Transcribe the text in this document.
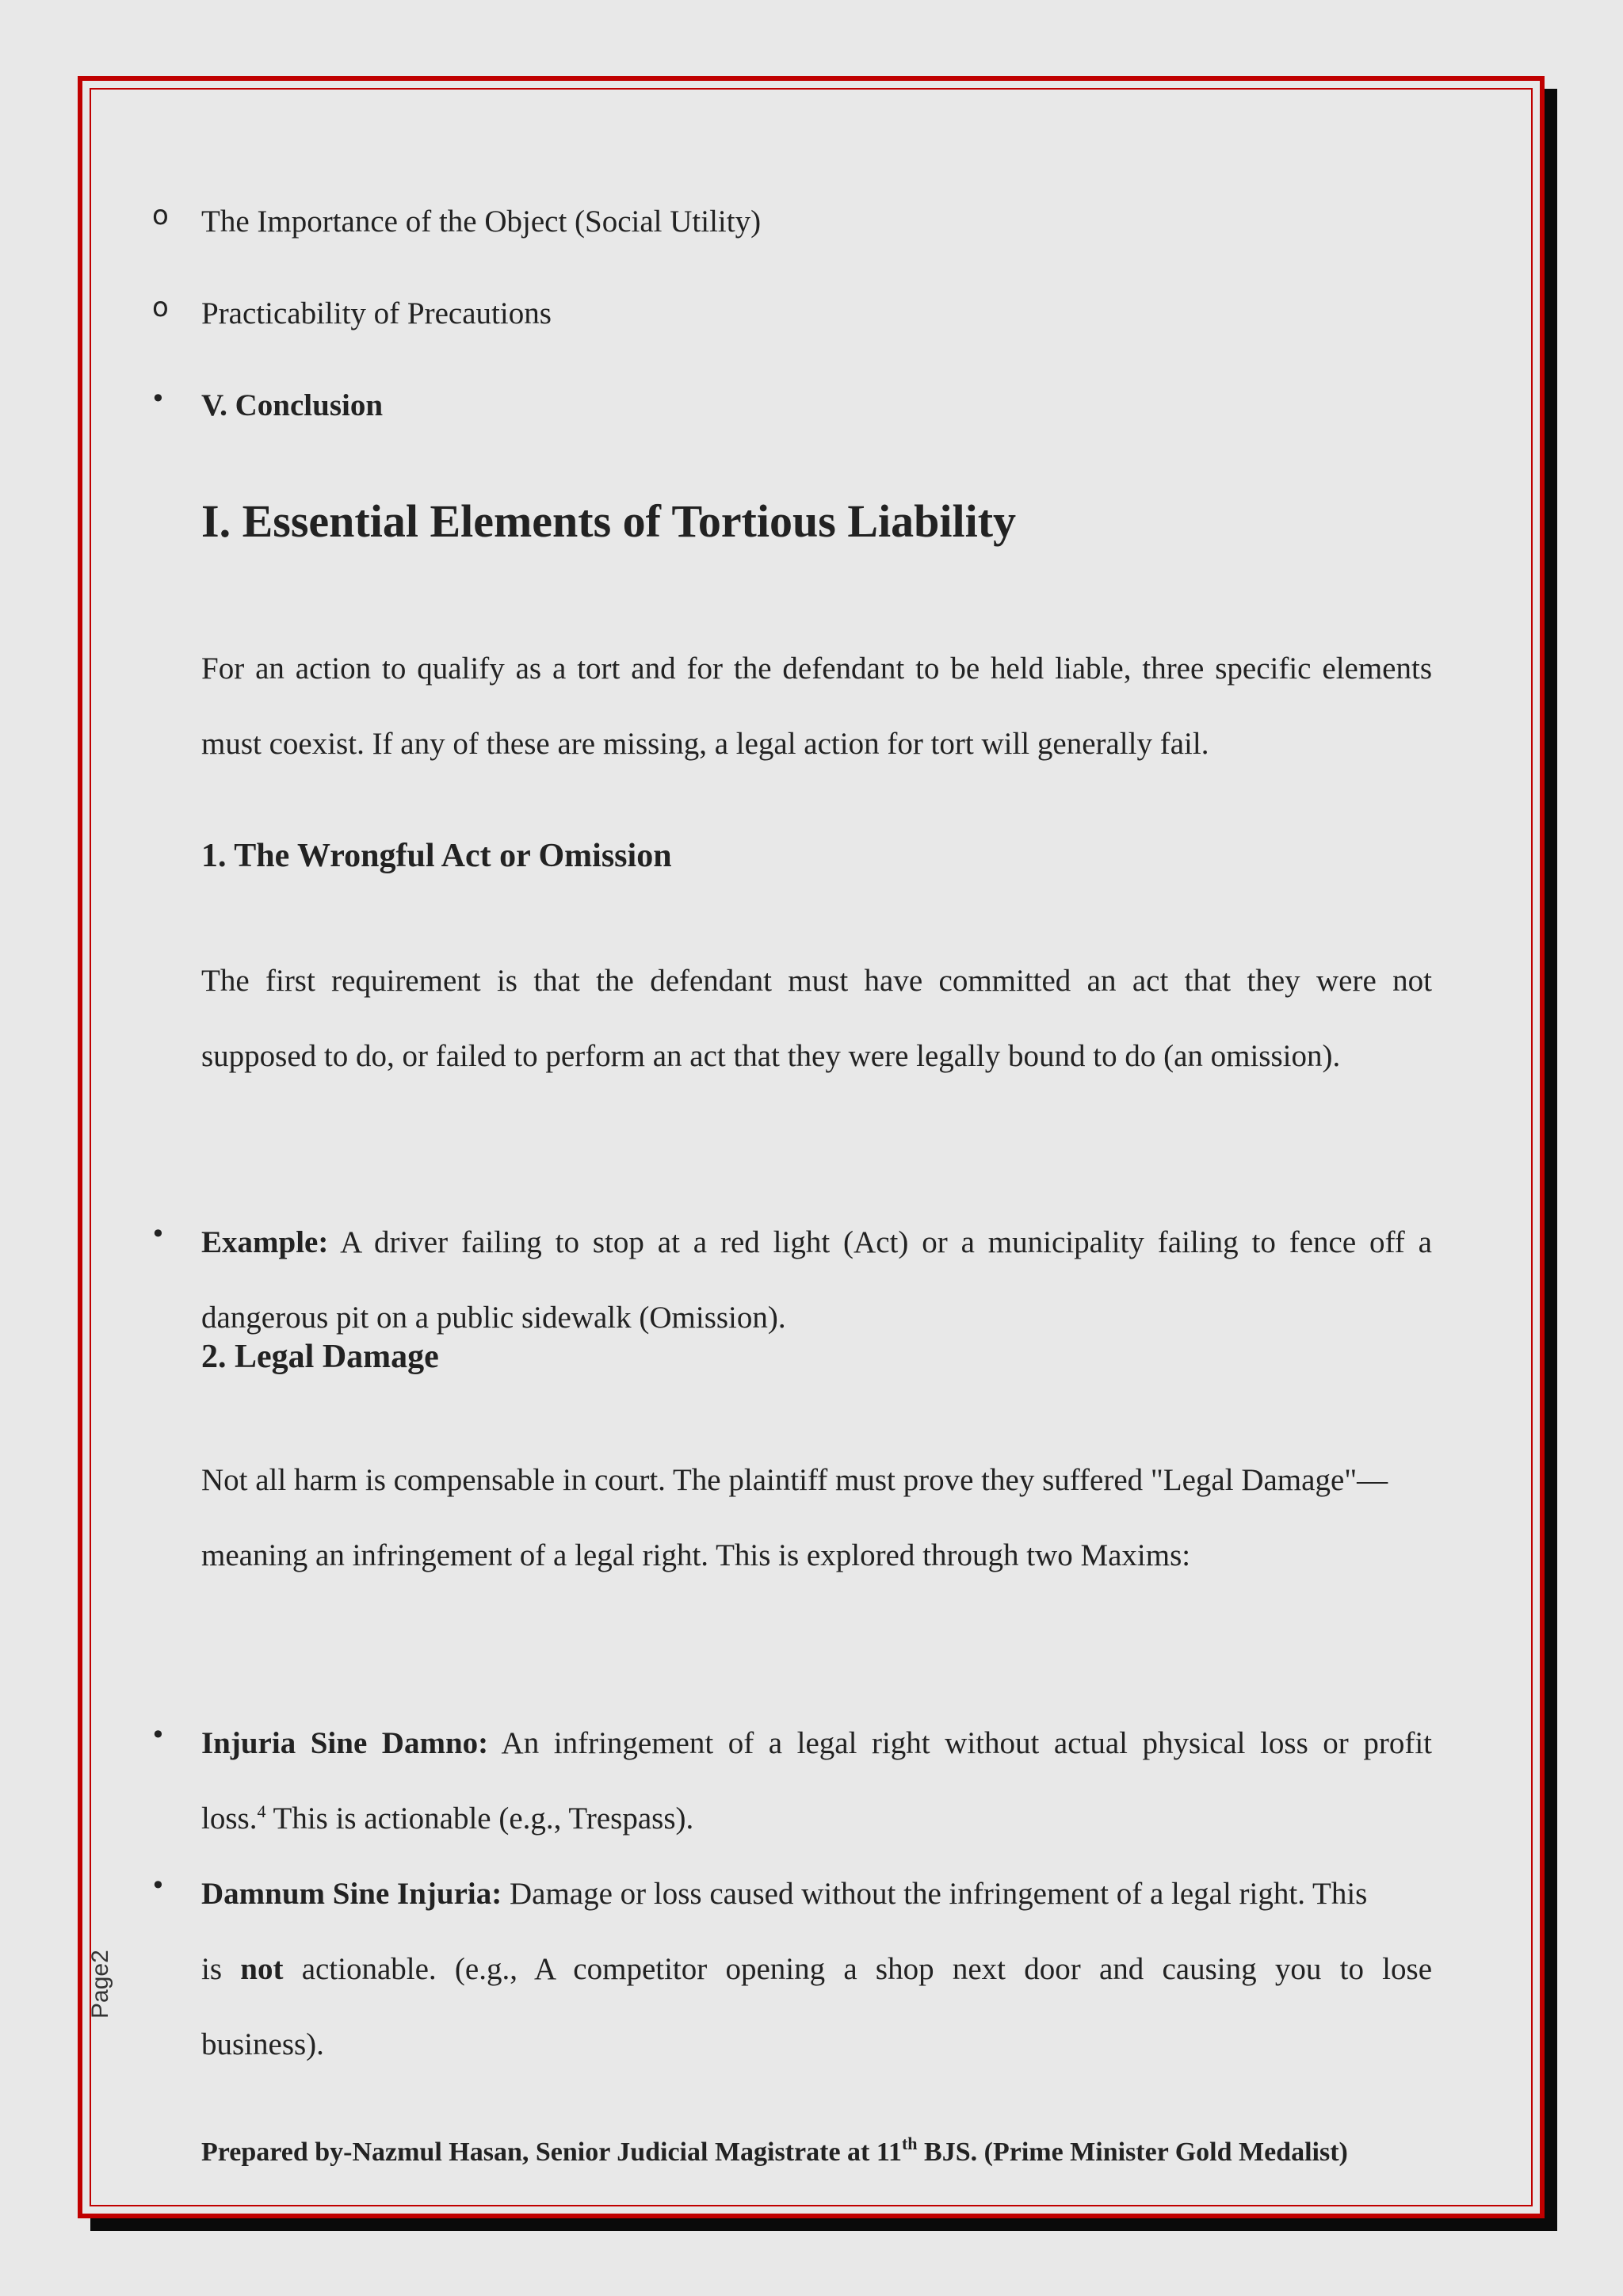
o The Importance of the Object (Social Utility)
o Practicability of Precautions
• V. Conclusion
I. Essential Elements of Tortious Liability
For an action to qualify as a tort and for the defendant to be held liable, three specific elements
must coexist. If any of these are missing, a legal action for tort will generally fail.
1. The Wrongful Act or Omission
The first requirement is that the defendant must have committed an act that they were not
supposed to do, or failed to perform an act that they were legally bound to do (an omission).
• Example: A driver failing to stop at a red light (Act) or a municipality failing to fence off a
dangerous pit on a public sidewalk (Omission).
2. Legal Damage
Not all harm is compensable in court. The plaintiff must prove they suffered "Legal Damage"—
meaning an infringement of a legal right. This is explored through two Maxims:
• Injuria Sine Damno: An infringement of a legal right without actual physical loss or profit
loss.$^4$ This is actionable (e.g., Trespass).
• Damnum Sine Injuria: Damage or loss caused without the infringement of a legal right. This
is not actionable. (e.g., A competitor opening a shop next door and causing you to lose
business).
Page2
Prepared by-Nazmul Hasan, Senior Judicial Magistrate at 11th BJS. (Prime Minister Gold Medalist)
